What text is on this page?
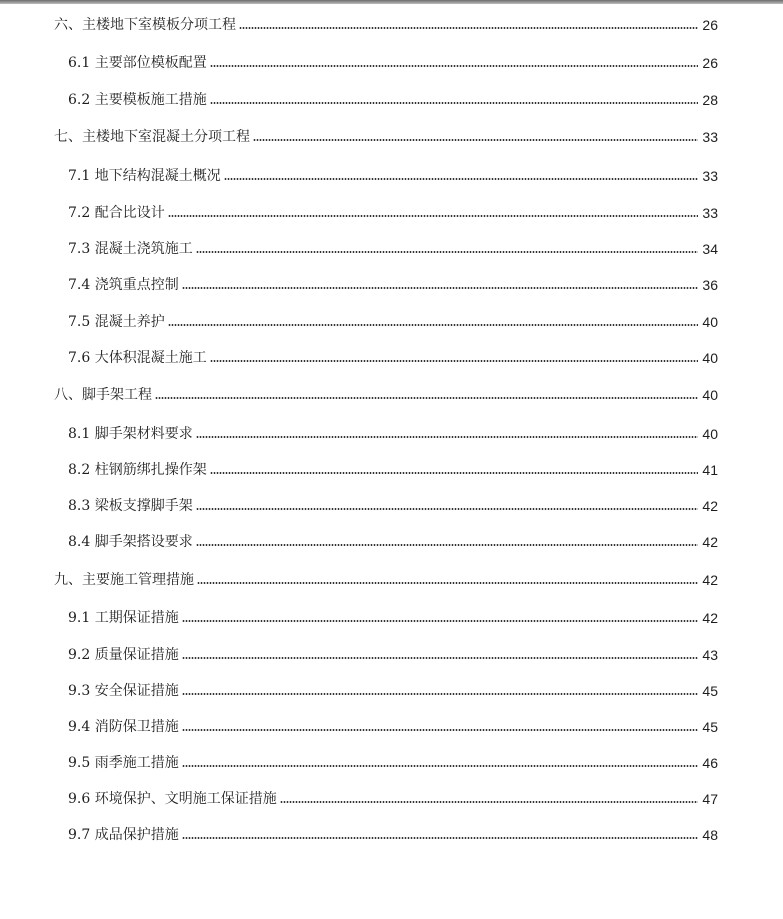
六、主楼地下室模板分项工程	26
6.1 主要部位模板配置	26
6.2 主要模板施工措施	28
七、主楼地下室混凝土分项工程	33
7.1 地下结构混凝土概况	33
7.2 配合比设计	33
7.3 混凝土浇筑施工	34
7.4 浇筑重点控制	36
7.5 混凝土养护	40
7.6 大体积混凝土施工	40
八、脚手架工程	40
8.1 脚手架材料要求	40
8.2 柱钢筋绑扎操作架	41
8.3 梁板支撑脚手架	42
8.4 脚手架搭设要求	42
九、主要施工管理措施	42
9.1 工期保证措施	42
9.2 质量保证措施	43
9.3 安全保证措施	45
9.4 消防保卫措施	45
9.5 雨季施工措施	46
9.6 环境保护、文明施工保证措施	47
9.7 成品保护措施	48
